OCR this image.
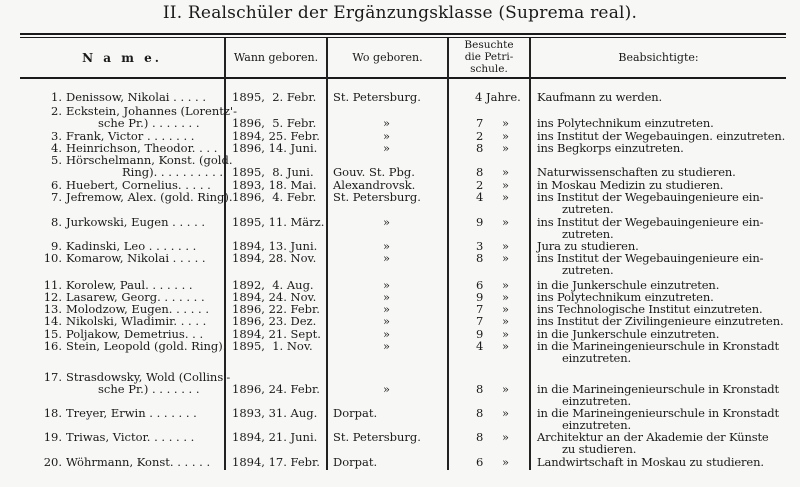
II. Realschüler der Ergänzungsklasse (Suprema real).
N a m e.	Wann geboren.	Wo geboren.
Besuchte
die Petri-
schule.
Beabsichtigte:
1. Denissow, Nikolai . . . . . 1895,  2. Febr. St. Petersburg.	4 Jahre. Kaufmann zu werden.
2. Eckstein, Johannes (Lorentz'-
sche Pr.) . . . . . . .	1896,  5. Febr.	»	7 » ins Polytechnikum einzutreten.
3. Frank, Victor . . . . . . .	1894, 25. Febr.	»	2 » ins Institut der Wegebauingen. einzutreten.
4. Heinrichson, Theodor. . . . 1896, 14. Juni.	»	8 » ins Begkorps einzutreten.
5. Hörschelmann, Konst. (gold.
Ring). . . . . . . . . . 1895,  8. Juni. Gouv. St. Pbg.	8 » Naturwissenschaften zu studieren.
6. Huebert, Cornelius. . . . . 1893, 18. Mai. Alexandrovsk.	2 » in Moskau Medizin zu studieren.
7. Jefremow, Alex. (gold. Ring). 1896,  4. Febr. St. Petersburg.	4 » ins Institut der Wegebauingenieure ein-
zutreten.
8. Jurkowski, Eugen . . . . . 1895, 11. März.	»	9 » ins Institut der Wegebauingenieure ein-
zutreten.
9. Kadinski, Leo . . . . . . .	1894, 13. Juni.	»	3 » Jura zu studieren.
10. Komarow, Nikolai . . . . . 1894, 28. Nov.	»	8 » ins Institut der Wegebauingenieure ein-
zutreten.
11. Korolew, Paul. . . . . . .	1892,  4. Aug.	»	6 » in die Junkerschule einzutreten.
12. Lasarew, Georg. . . . . . . 1894, 24. Nov.	»	9 » ins Polytechnikum einzutreten.
13. Molodzow, Eugen. . . . . . 1896, 22. Febr.	»	7 » ins Technologische Institut einzutreten.
14. Nikolski, Wladimir. . . . . 1896, 23. Dez.	»	7 » ins Institut der Zivilingenieure einzutreten.
15. Poljakow, Demetrius. . .	1894, 21. Sept.	»	9 » in die Junkerschule einzutreten.
16. Stein, Leopold (gold. Ring). 1895,  1. Nov.	»	4 » in die Marineingenieurschule in Kronstadt
einzutreten.
17. Strasdowsky, Wold (Collins'-
sche Pr.) . . . . . . .	1896, 24. Febr.	»	8 » in die Marineingenieurschule in Kronstadt
einzutreten.
18. Treyer, Erwin . . . . . . .	1893, 31. Aug. Dorpat.	8 » in die Marineingenieurschule in Kronstadt
einzutreten.
19. Triwas, Victor. . . . . . .	1894, 21. Juni. St. Petersburg.	8 » Architektur an der Akademie der Künste
zu studieren.
20. Wöhrmann, Konst. . . . . . 1894, 17. Febr. Dorpat.	6 » Landwirtschaft in Moskau zu studieren.
